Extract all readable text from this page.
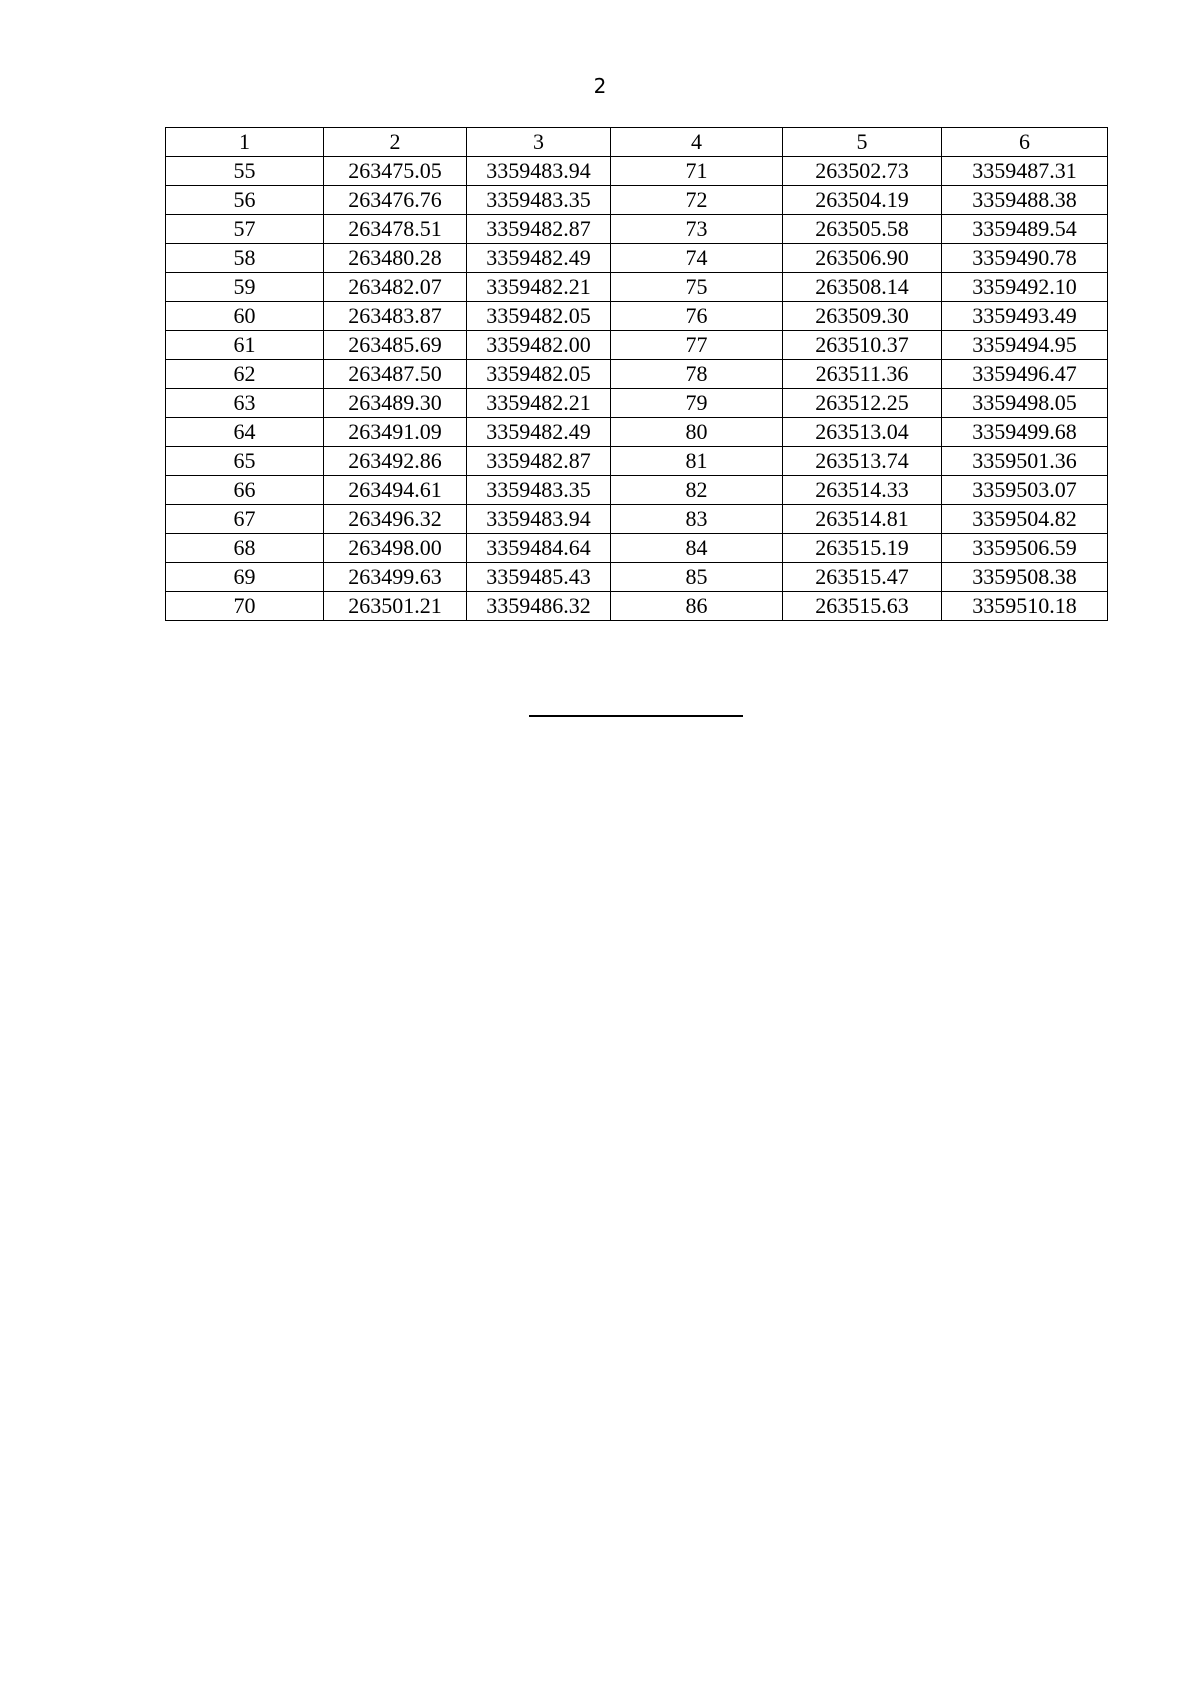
2
1	2	3	4	5	6
55	263475.05	3359483.94	71	263502.73	3359487.31
56	263476.76	3359483.35	72	263504.19	3359488.38
57	263478.51	3359482.87	73	263505.58	3359489.54
58	263480.28	3359482.49	74	263506.90	3359490.78
59	263482.07	3359482.21	75	263508.14	3359492.10
60	263483.87	3359482.05	76	263509.30	3359493.49
61	263485.69	3359482.00	77	263510.37	3359494.95
62	263487.50	3359482.05	78	263511.36	3359496.47
63	263489.30	3359482.21	79	263512.25	3359498.05
64	263491.09	3359482.49	80	263513.04	3359499.68
65	263492.86	3359482.87	81	263513.74	3359501.36
66	263494.61	3359483.35	82	263514.33	3359503.07
67	263496.32	3359483.94	83	263514.81	3359504.82
68	263498.00	3359484.64	84	263515.19	3359506.59
69	263499.63	3359485.43	85	263515.47	3359508.38
70	263501.21	3359486.32	86	263515.63	3359510.18
